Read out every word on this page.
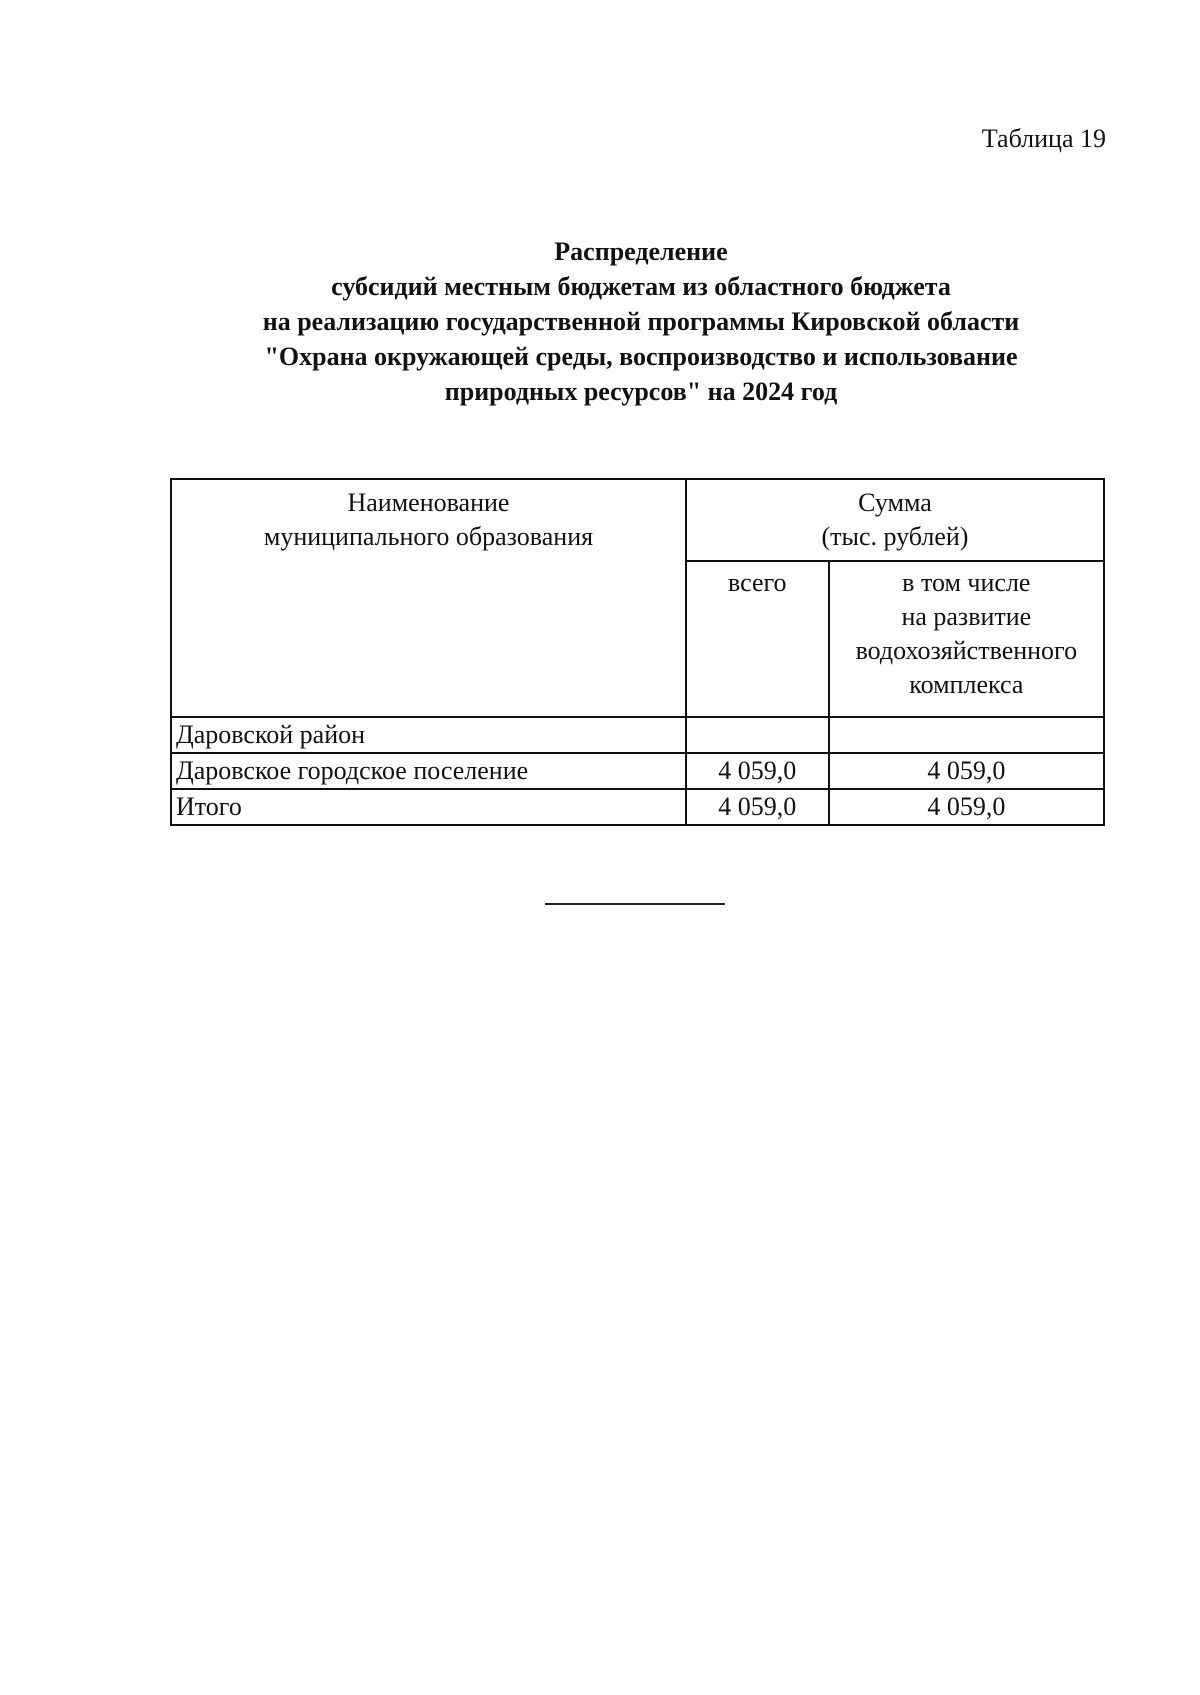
Таблица 19
Распределение
субсидий местным бюджетам из областного бюджета
на реализацию государственной программы Кировской области
"Охрана окружающей среды, воспроизводство и использование
природных ресурсов" на 2024 год
Наименование
муниципального образования	Сумма
(тыс. рублей)	

	всего	в том числе
на развитие
водохозяйственного
комплекса

Даровской район		
Даровское городское поселение	4 059,0	4 059,0
Итого	4 059,0	4 059,0
